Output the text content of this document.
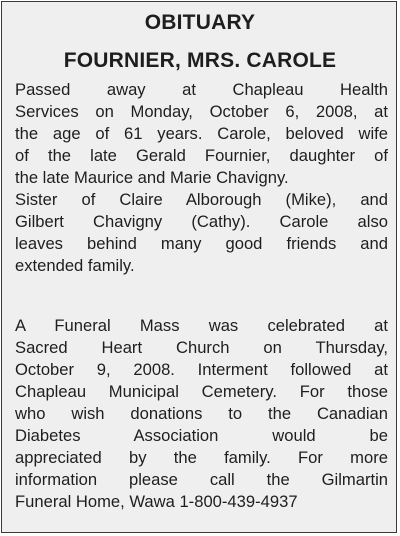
OBITUARY
FOURNIER, MRS. CAROLE
Passed away at Chapleau Health
Services on Monday, October 6, 2008, at
the age of 61 years. Carole, beloved wife
of the late Gerald Fournier, daughter of
the late Maurice and Marie Chavigny.
Sister of Claire Alborough (Mike), and
Gilbert Chavigny (Cathy). Carole also
leaves behind many good friends and
extended family.
A Funeral Mass was celebrated at
Sacred Heart Church on Thursday,
October 9, 2008. Interment followed at
Chapleau Municipal Cemetery. For those
who wish donations to the Canadian
Diabetes Association would be
appreciated by the family. For more
information please call the Gilmartin
Funeral Home, Wawa 1-800-439-4937
